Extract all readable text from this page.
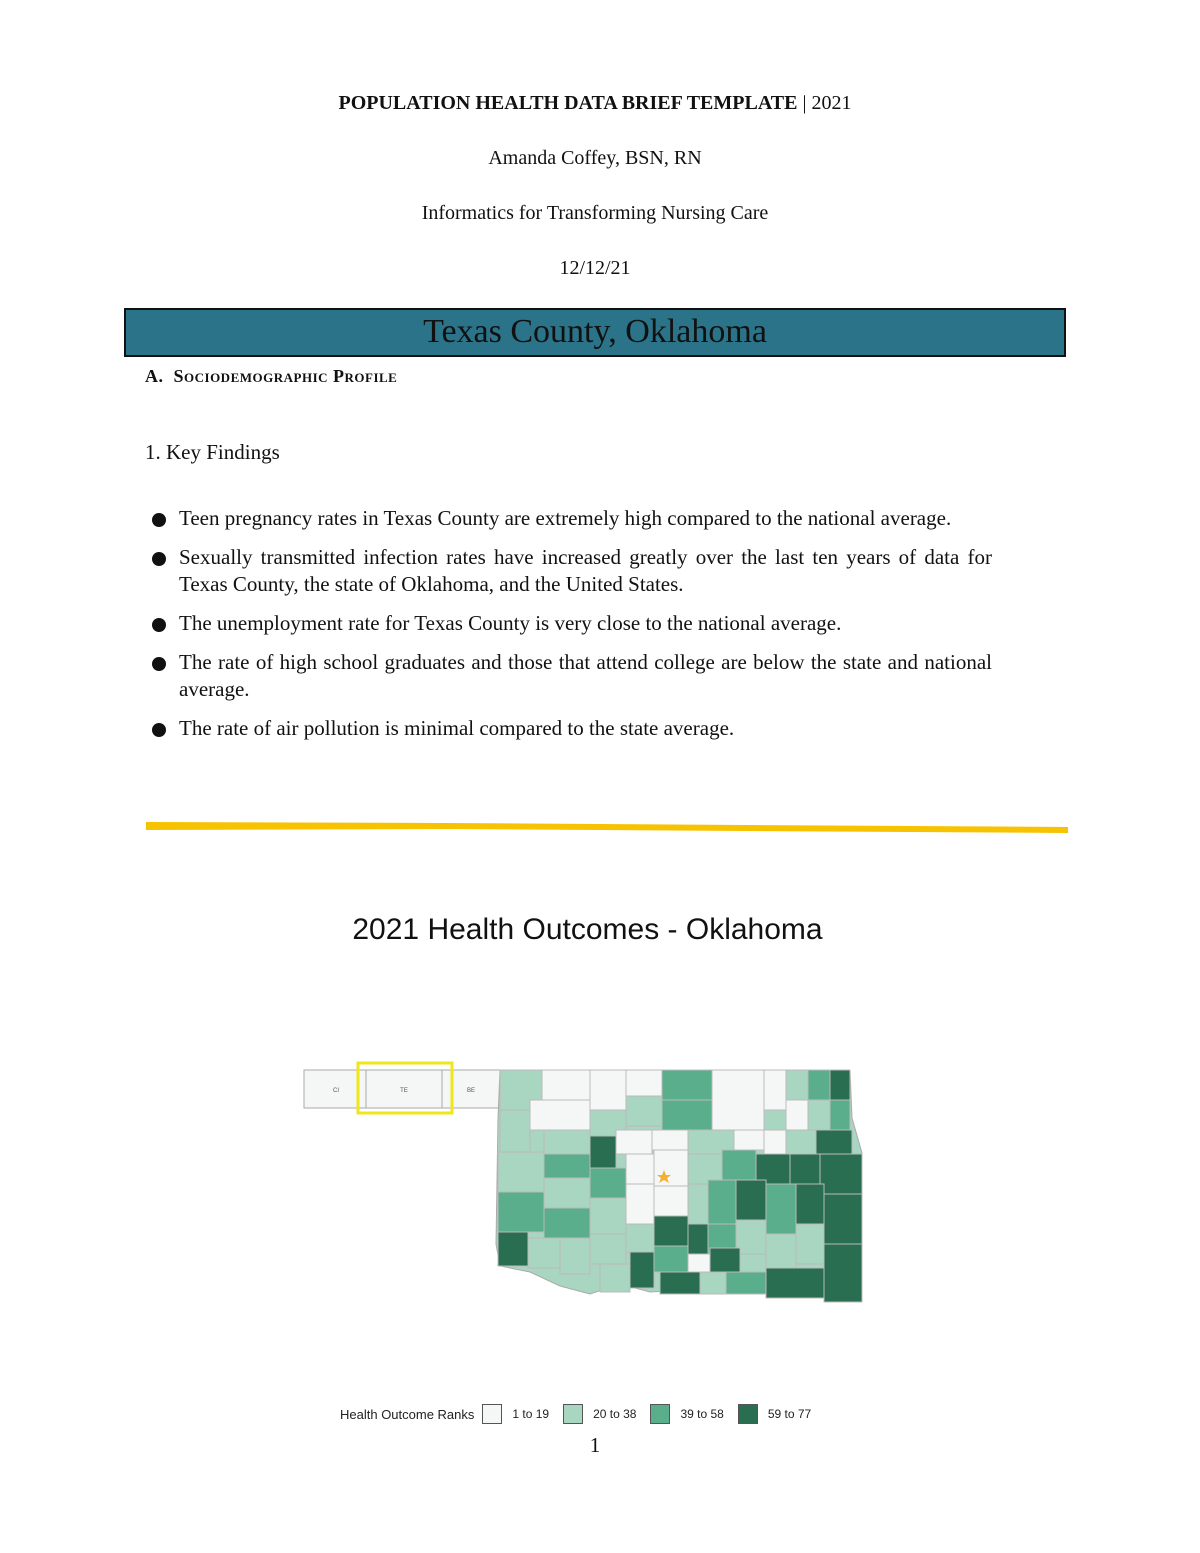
POPULATION HEALTH DATA BRIEF TEMPLATE | 2021
Amanda Coffey, BSN, RN
Informatics for Transforming Nursing Care
12/12/21
Texas County, Oklahoma
A. Sociodemographic Profile
1. Key Findings
Teen pregnancy rates in Texas County are extremely high compared to the national average.
Sexually transmitted infection rates have increased greatly over the last ten years of data for Texas County, the state of Oklahoma, and the United States.
The unemployment rate for Texas County is very close to the national average.
The rate of high school graduates and those that attend college are below the state and national average.
The rate of air pollution is minimal compared to the state average.
2021 Health Outcomes - Oklahoma
CI	TE	BE
Health Outcome Ranks	1 to 19	20 to 38	39 to 58	59 to 77
1
